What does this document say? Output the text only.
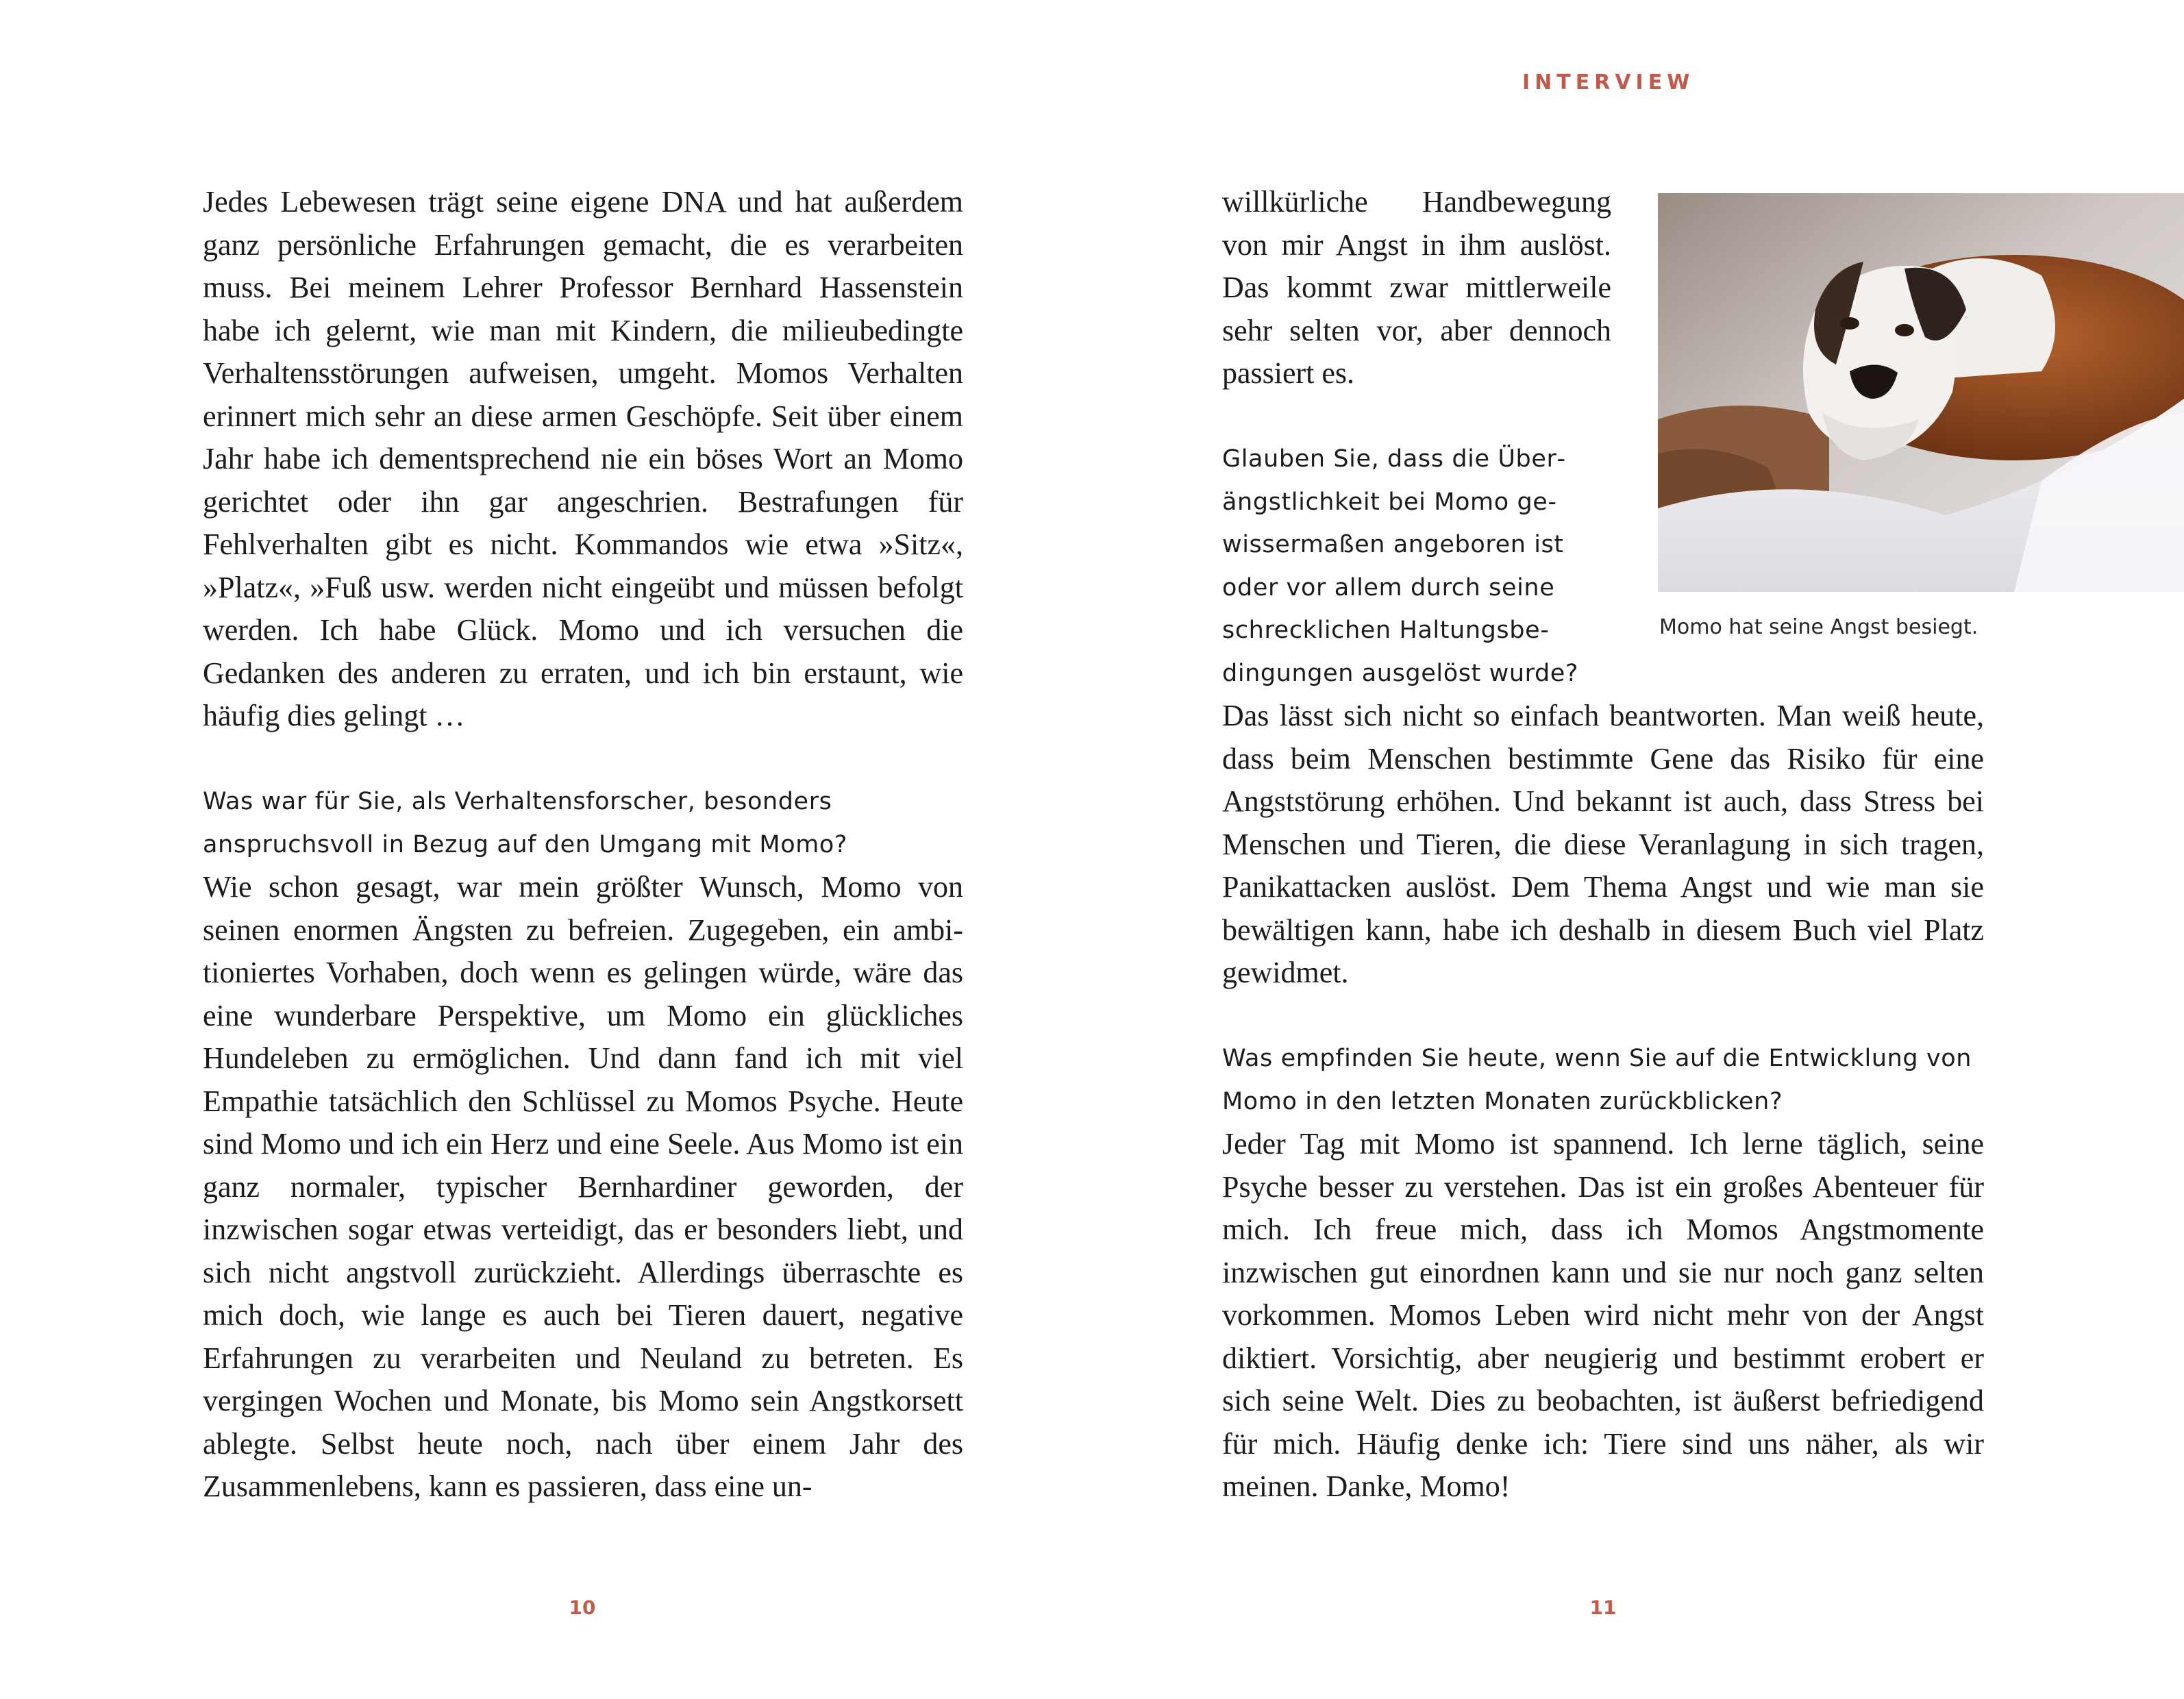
INTERVIEW

Jedes Lebewesen trägt seine eigene DNA und hat außerdem ganz persönliche Erfahrungen gemacht, die es verarbeiten muss. Bei meinem Lehrer Professor Bernhard Hassenstein habe ich gelernt, wie man mit Kindern, die milieubedingte Verhaltensstörungen aufweisen, umgeht. Momos Verhalten erinnert mich sehr an diese armen Geschöpfe. Seit über einem Jahr habe ich dementsprechend nie ein böses Wort an Momo gerichtet oder ihn gar angeschrien. Bestrafungen für Fehlverhalten gibt es nicht. Kommandos wie etwa »Sitz«, »Platz«, »Fuß usw. werden nicht eingeübt und müssen befolgt werden. Ich habe Glück. Momo und ich versuchen die Gedanken des anderen zu erraten, und ich bin erstaunt, wie häufig dies gelingt …

Was war für Sie, als Verhaltensforscher, besonders anspruchsvoll in Bezug auf den Umgang mit Momo?

Wie schon gesagt, war mein größter Wunsch, Momo von seinen enormen Ängsten zu befreien. Zugegeben, ein ambitioniertes Vorhaben, doch wenn es gelingen würde, wäre das eine wunderbare Perspektive, um Momo ein glückliches Hundeleben zu ermöglichen. Und dann fand ich mit viel Empathie tatsächlich den Schlüssel zu Momos Psyche. Heute sind Momo und ich ein Herz und eine Seele. Aus Momo ist ein ganz normaler, typischer Bernhardiner geworden, der inzwischen sogar etwas verteidigt, das er besonders liebt, und sich nicht angstvoll zurückzieht. Allerdings überraschte es mich doch, wie lange es auch bei Tieren dauert, negative Erfahrungen zu verarbeiten und Neuland zu betreten. Es vergingen Wochen und Monate, bis Momo sein Angstkorsett ablegte. Selbst heute noch, nach über einem Jahr des Zusammenlebens, kann es passieren, dass eine un-

10

willkürliche Handbewegung von mir Angst in ihm auslöst. Das kommt zwar mittlerweile sehr selten vor, aber dennoch passiert es.

Glauben Sie, dass die Überängstlichkeit bei Momo gewissermaßen angeboren ist oder vor allem durch seine schrecklichen Haltungsbedingungen ausgelöst wurde?

Momo hat seine Angst besiegt.

Das lässt sich nicht so einfach beantworten. Man weiß heute, dass beim Menschen bestimmte Gene das Risiko für eine Angststörung erhöhen. Und bekannt ist auch, dass Stress bei Menschen und Tieren, die diese Veranlagung in sich tragen, Panikattacken auslöst. Dem Thema Angst und wie man sie bewältigen kann, habe ich deshalb in diesem Buch viel Platz gewidmet.

Was empfinden Sie heute, wenn Sie auf die Entwicklung von Momo in den letzten Monaten zurückblicken?

Jeder Tag mit Momo ist spannend. Ich lerne täglich, seine Psyche besser zu verstehen. Das ist ein großes Abenteuer für mich. Ich freue mich, dass ich Momos Angstmomente inzwischen gut einordnen kann und sie nur noch ganz selten vorkommen. Momos Leben wird nicht mehr von der Angst diktiert. Vorsichtig, aber neugierig und bestimmt erobert er sich seine Welt. Dies zu beobachten, ist äußerst befriedigend für mich. Häufig denke ich: Tiere sind uns näher, als wir meinen. Danke, Momo!

11
